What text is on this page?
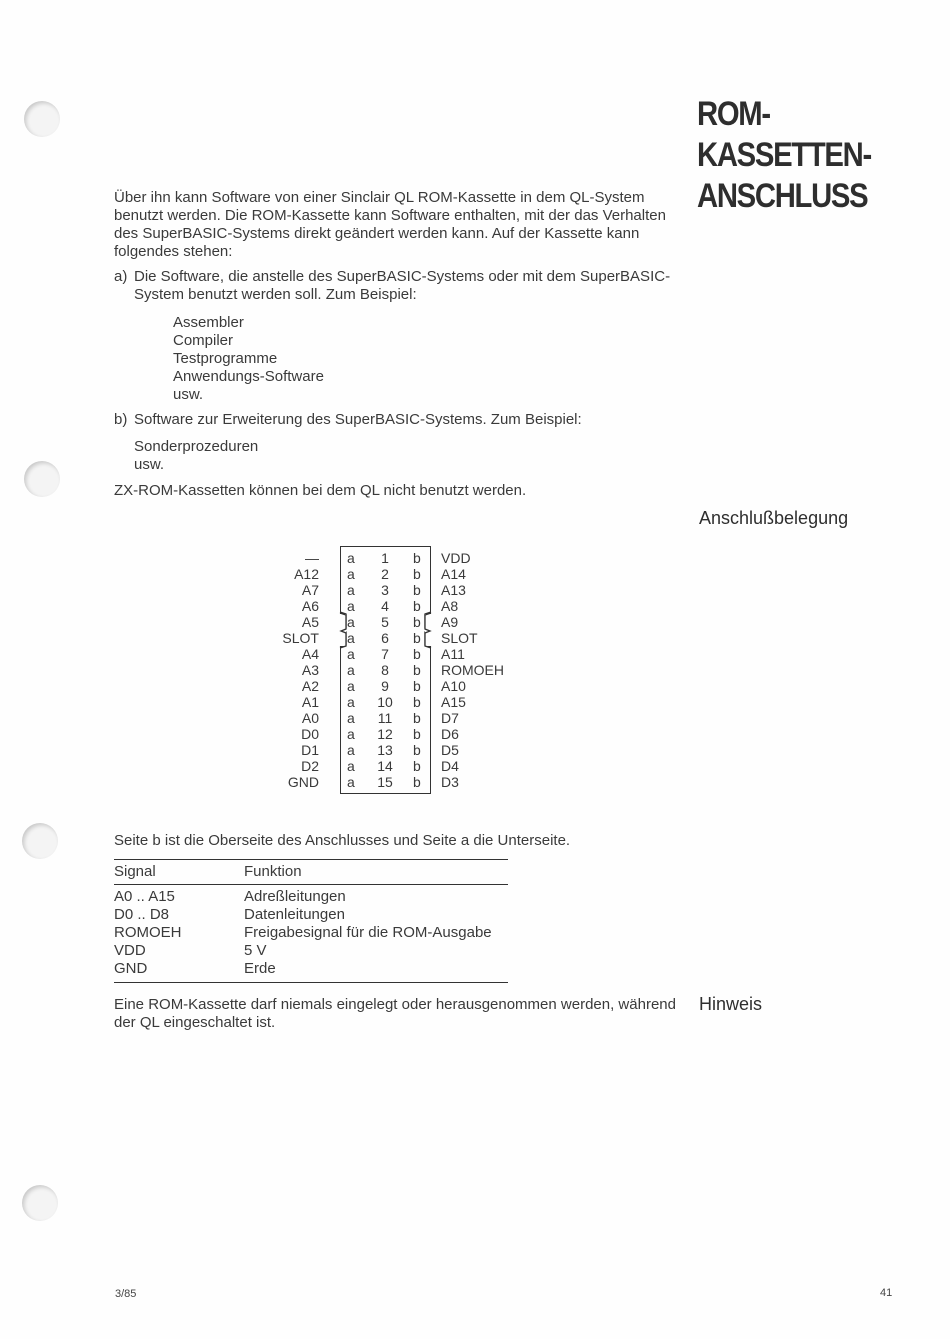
ROM-
KASSETTEN-
ANSCHLUSS
Über ihn kann Software von einer Sinclair QL ROM-Kassette in dem QL-System benutzt werden. Die ROM-Kassette kann Software enthalten, mit der das Verhalten des SuperBASIC-Systems direkt geändert werden kann. Auf der Kassette kann folgendes stehen:
a) Die Software, die anstelle des SuperBASIC-Systems oder mit dem SuperBASIC-System benutzt werden soll. Zum Beispiel:
Assembler
Compiler
Testprogramme
Anwendungs-Software
usw.
b) Software zur Erweiterung des SuperBASIC-Systems. Zum Beispiel:
Sonderprozeduren
usw.
ZX-ROM-Kassetten können bei dem QL nicht benutzt werden.
Anschlußbelegung
— a	1	b VDD
A12 a	2	b A14
A7 a	3	b A13
A6 a	4	b A8
A5 a	5	b A9
SLOT a	6	b SLOT
A4 a	7	b A11
A3 a	8	b ROMOEH
A2 a	9	b A10
A1 a	10	b A15
A0 a	11	b D7
D0 a	12	b D6
D1 a	13	b D5
D2 a	14	b D4
GND a	15	b D3
Seite b ist die Oberseite des Anschlusses und Seite a die Unterseite.
Signal	Funktion
A0 .. A15	Adreßleitungen
D0 .. D8	Datenleitungen
ROMOEH	Freigabesignal für die ROM-Ausgabe
VDD	5 V
GND	Erde
Hinweis
Eine ROM-Kassette darf niemals eingelegt oder herausgenommen werden, während der QL eingeschaltet ist.
3/85	41
